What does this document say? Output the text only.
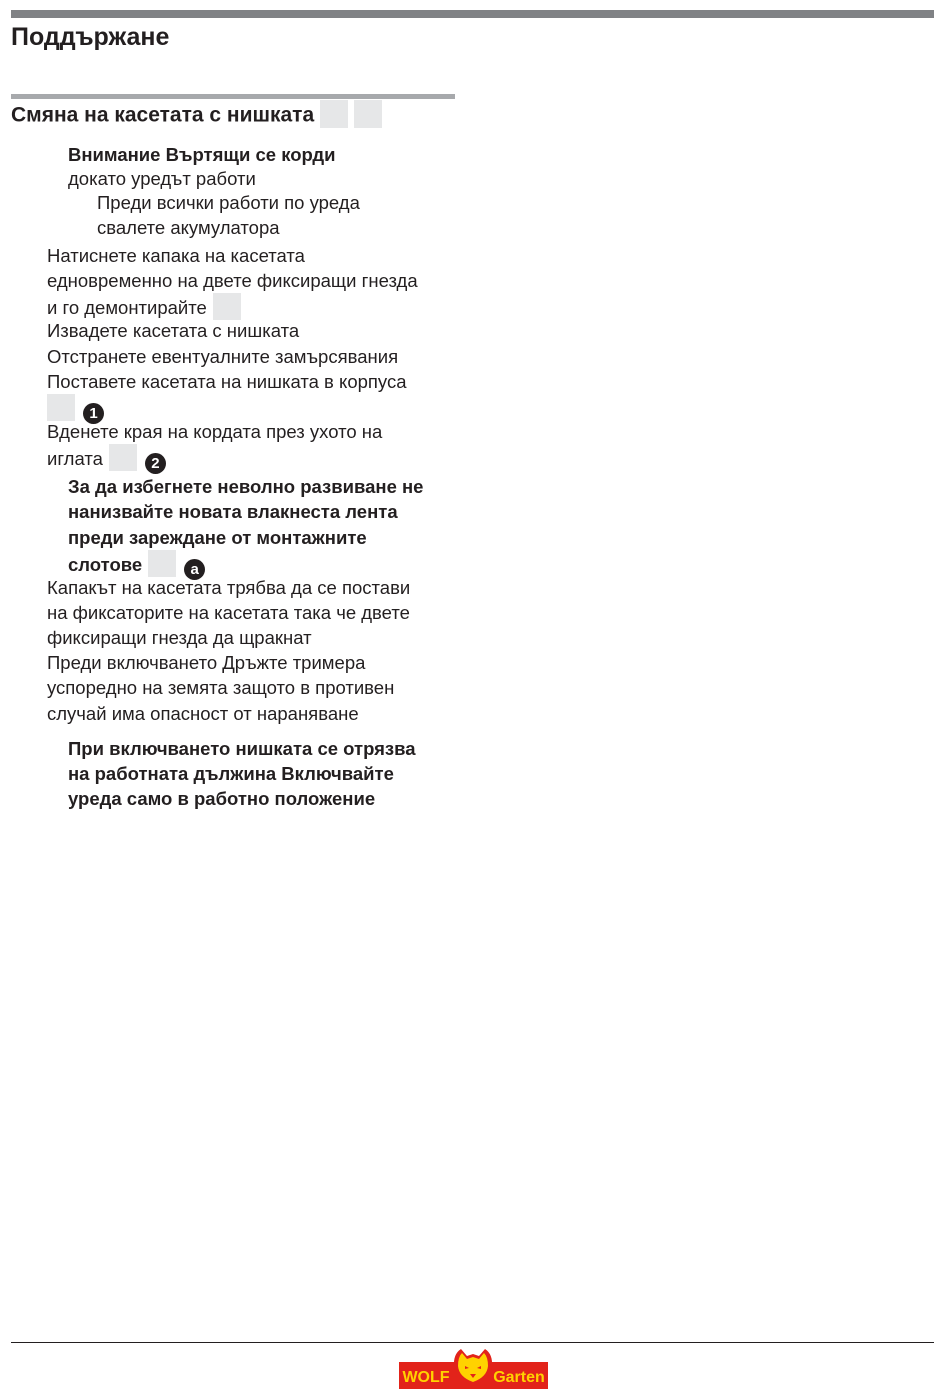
Поддържане
Смяна на касетата с нишката

Внимание Въртящи се корди

докато уредът работи

Преди всички работи по уреда

свалете акумулатора

Натиснете капака на касетата

едновременно на двете фиксиращи гнезда

и го демонтирайте

Извадете касетата с нишката

Отстранете евентуалните замърсявания

Поставете касетата на нишката в корпуса

1

Вденете края на кордата през ухото на

иглата	2

За да избегнете неволно развиване не

нанизвайте новата влакнеста лента

преди зареждане от монтажните

слотове	a

Капакът на касетата трябва да се постави

на фиксаторите на касетата така че двете

фиксиращи гнезда да щракнат

Преди включването Дръжте тримера

успоредно на земята защото в противен

случай има опасност от нараняване

При включването нишката се отрязва

на работната дължина Включвайте

уреда само в работно положение

WOLF	Garten
